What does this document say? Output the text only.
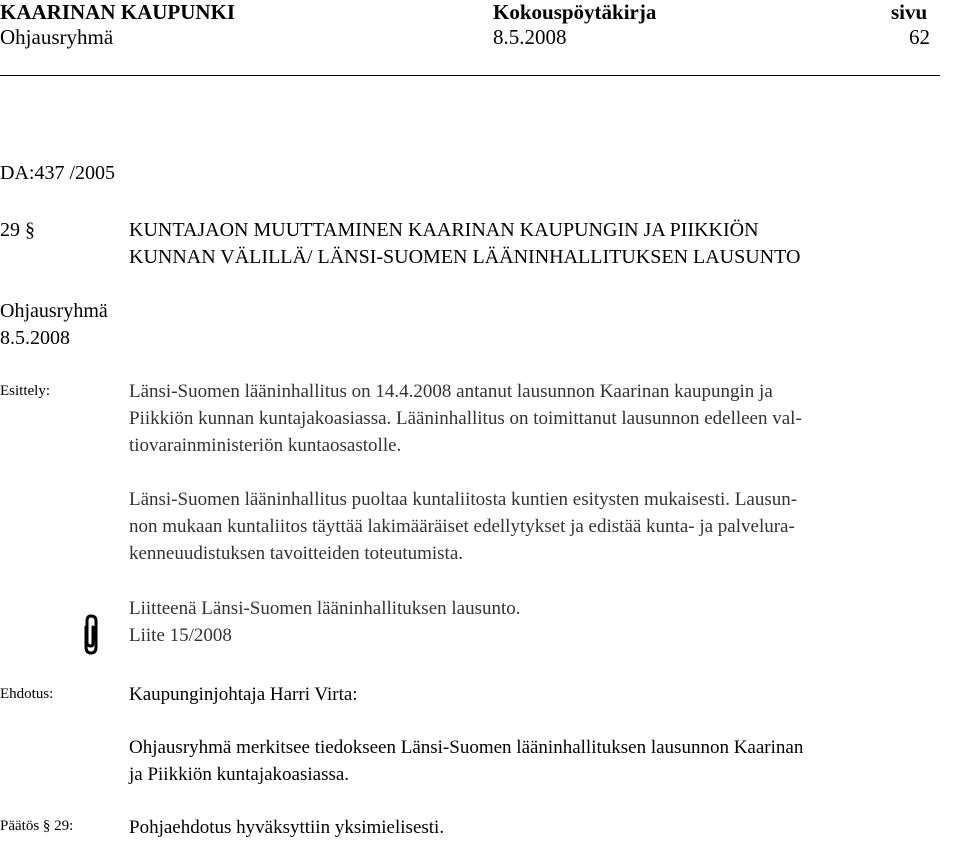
KAARINAN KAUPUNKI	Kokouspöytäkirja	sivu
Ohjausryhmä	8.5.2008	62
DA:437 /2005
29 §	KUNTAJAON MUUTTAMINEN KAARINAN KAUPUNGIN JA PIIKKIÖN
KUNNAN VÄLILLÄ/ LÄNSI-SUOMEN LÄÄNINHALLITUKSEN LAUSUNTO
Ohjausryhmä
8.5.2008
Esittely:	Länsi-Suomen lääninhallitus on 14.4.2008 antanut lausunnon Kaarinan kaupungin ja
Piikkiön kunnan kuntajakoasiassa. Lääninhallitus on toimittanut lausunnon edelleen val-
tiovarainministeriön kuntaosastolle.
Länsi-Suomen lääninhallitus puoltaa kuntaliitosta kuntien esitysten mukaisesti. Lausun-
non mukaan kuntaliitos täyttää lakimääräiset edellytykset ja edistää kunta- ja palvelura-
kenneuudistuksen tavoitteiden toteutumista.
Liitteenä Länsi-Suomen lääninhallituksen lausunto.
Liite 15/2008
Ehdotus:	Kaupunginjohtaja Harri Virta:
Ohjausryhmä merkitsee tiedokseen Länsi-Suomen lääninhallituksen lausunnon Kaarinan
ja Piikkiön kuntajakoasiassa.
Päätös § 29:	Pohjaehdotus hyväksyttiin yksimielisesti.
